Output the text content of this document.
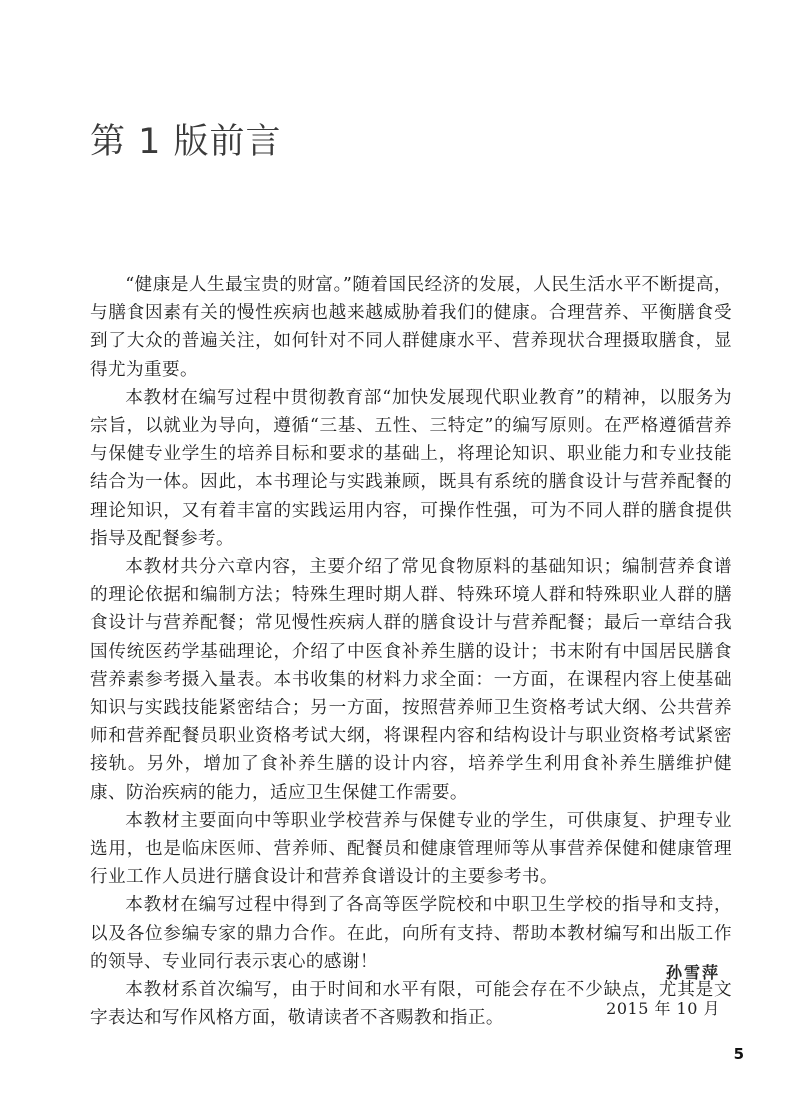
第 1 版前言

“健康是人生最宝贵的财富。”随着国民经济的发展，人民生活水平不断提高，与膳食因素有关的慢性疾病也越来越威胁着我们的健康。合理营养、平衡膳食受到了大众的普遍关注，如何针对不同人群健康水平、营养现状合理摄取膳食，显得尤为重要。

本教材在编写过程中贯彻教育部“加快发展现代职业教育”的精神，以服务为宗旨，以就业为导向，遵循“三基、五性、三特定”的编写原则。在严格遵循营养与保健专业学生的培养目标和要求的基础上，将理论知识、职业能力和专业技能结合为一体。因此，本书理论与实践兼顾，既具有系统的膳食设计与营养配餐的理论知识，又有着丰富的实践运用内容，可操作性强，可为不同人群的膳食提供指导及配餐参考。

本教材共分六章内容，主要介绍了常见食物原料的基础知识；编制营养食谱的理论依据和编制方法；特殊生理时期人群、特殊环境人群和特殊职业人群的膳食设计与营养配餐；常见慢性疾病人群的膳食设计与营养配餐；最后一章结合我国传统医药学基础理论，介绍了中医食补养生膳的设计；书末附有中国居民膳食营养素参考摄入量表。本书收集的材料力求全面：一方面，在课程内容上使基础知识与实践技能紧密结合；另一方面，按照营养师卫生资格考试大纲、公共营养师和营养配餐员职业资格考试大纲，将课程内容和结构设计与职业资格考试紧密接轨。另外，增加了食补养生膳的设计内容，培养学生利用食补养生膳维护健康、防治疾病的能力，适应卫生保健工作需要。

本教材主要面向中等职业学校营养与保健专业的学生，可供康复、护理专业选用，也是临床医师、营养师、配餐员和健康管理师等从事营养保健和健康管理行业工作人员进行膳食设计和营养食谱设计的主要参考书。

本教材在编写过程中得到了各高等医学院校和中职卫生学校的指导和支持，以及各位参编专家的鼎力合作。在此，向所有支持、帮助本教材编写和出版工作的领导、专业同行表示衷心的感谢！

本教材系首次编写，由于时间和水平有限，可能会存在不少缺点，尤其是文字表达和写作风格方面，敬请读者不吝赐教和指正。

孙雪萍
2015 年 10 月
5
